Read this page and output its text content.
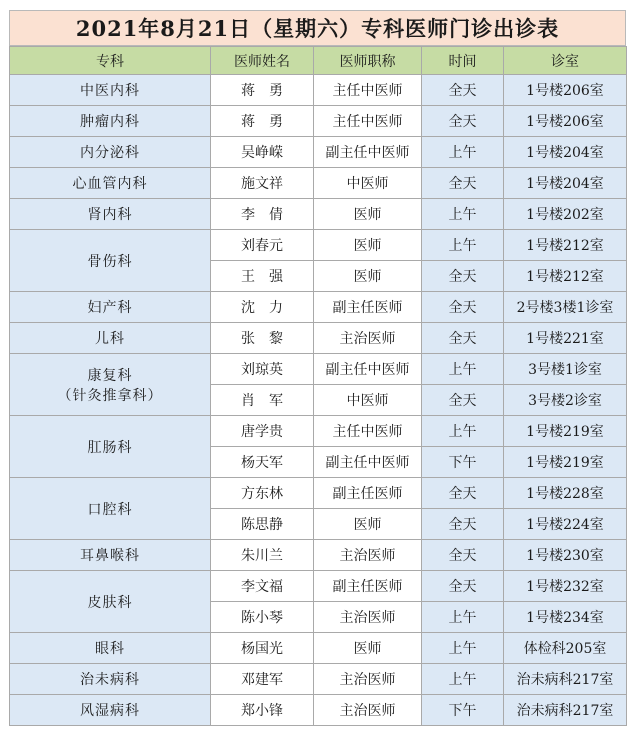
2021年8月21日（星期六）专科医师门诊出诊表
专科	医师姓名	医师职称	时间	诊室
中医内科	蒋　勇	主任中医师	全天	1号楼206室
肿瘤内科	蒋　勇	主任中医师	全天	1号楼206室
内分泌科	吴峥嵘	副主任中医师	上午	1号楼204室
心血管内科	施文祥	中医师	全天	1号楼204室
肾内科	李　倩	医师	上午	1号楼202室
骨伤科	刘春元	医师	上午	1号楼212室
	王　强	医师	全天	1号楼212室
妇产科	沈　力	副主任医师	全天	2号楼3楼1诊室
儿科	张　黎	主治医师	全天	1号楼221室

康复科
（针灸推拿科）	刘琼英	副主任中医师	上午	3号楼1诊室
	肖　军	中医师	全天	3号楼2诊室
肛肠科	唐学贵	主任中医师	上午	1号楼219室
	杨天军	副主任中医师	下午	1号楼219室
口腔科	方东林	副主任医师	全天	1号楼228室
	陈思静	医师	全天	1号楼224室
耳鼻喉科	朱川兰	主治医师	全天	1号楼230室
皮肤科	李文福	副主任医师	全天	1号楼232室
	陈小琴	主治医师	上午	1号楼234室
眼科	杨国光	医师	上午	体检科205室
治未病科	邓建军	主治医师	上午	治未病科217室
风湿病科	郑小锋	主治医师	下午	治未病科217室
